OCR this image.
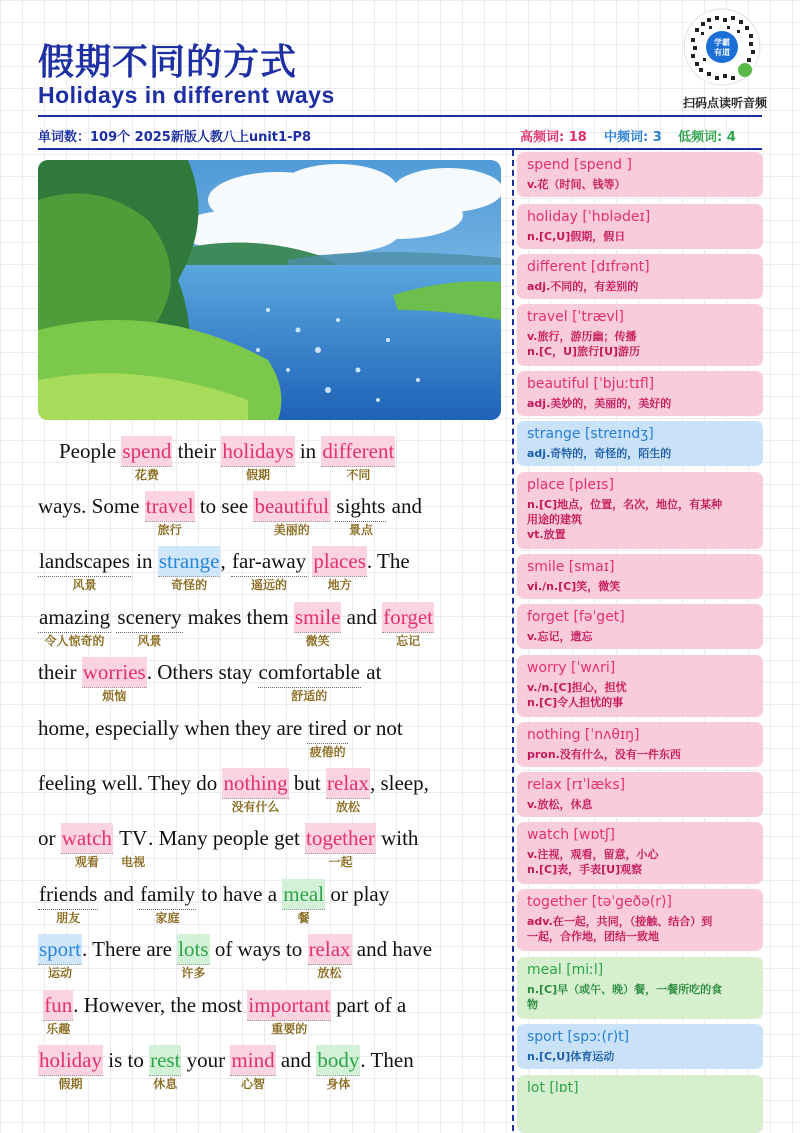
假期不同的方式
Holidays in different ways
学霸
有道
扫码点读听音频
单词数：109个 2025新版人教八上unit1-P8	高频词: 18 中频词: 3 低频词: 4
People spend
花费
their holidays
假期
in different
不同
ways. Some travel
旅行
to see beautiful
美丽的
sights
景点
and
landscapes
风景
in strange
奇怪的
, far-away
遥远的
places
地方
. The
amazing
令人惊奇的
scenery
风景
makes them smile
微笑
and forget
忘记
their worries
烦恼
. Others stay comfortable
舒适的
at
home, especially when they are tired
疲倦的
or not
feeling well. They do nothing
没有什么
but relax
放松
, sleep,
or watch
观看
TV
电视
. Many people get together
一起
with
friends
朋友
and family
家庭
to have a meal
餐
or play
sport
运动
. There are lots
许多
of ways to relax
放松
and have
fun
乐趣
. However, the most important
重要的
part of a
holiday
假期
is to rest
休息
your mind
心智
and body
身体
. Then
spend [spend ]
v.花（时间、钱等）
holiday [ˈhɒlədeɪ]
n.[C,U]假期，假日
different [dɪfrənt]
adj.不同的，有差别的
travel [ˈtrævl]
v.旅行，游历幽；传播
n.[C，U]旅行[U]游历
beautiful [ˈbjuːtɪfl]
adj.美妙的，美丽的，美好的
strange [streɪndʒ]
adj.奇特的，奇怪的，陌生的
place [pleɪs]
n.[C]地点，位置，名次，地位，有某种
用途的建筑
vt.放置
smile [smaɪ]
vi./n.[C]笑，微笑
forget [fəˈget]
v.忘记，遗忘
worry [ˈwʌri]
v./n.[C]担心，担忧
n.[C]令人担忧的事
nothing [ˈnʌθɪŋ]
pron.没有什么，没有一件东西
relax [rɪˈlæks]
v.放松，休息
watch [wɒtʃ]
v.注视，观看，留意，小心
n.[C]表，手表[U]观察
together [təˈgeðə(r)]
adv.在一起，共同，（接触、结合）到
一起，合作地，团结一致地
meal [miːl]
n.[C]早（或午、晚）餐，一餐所吃的食
物
sport [spɔː(r)t]
n.[C,U]体育运动
lot [lɒt]
